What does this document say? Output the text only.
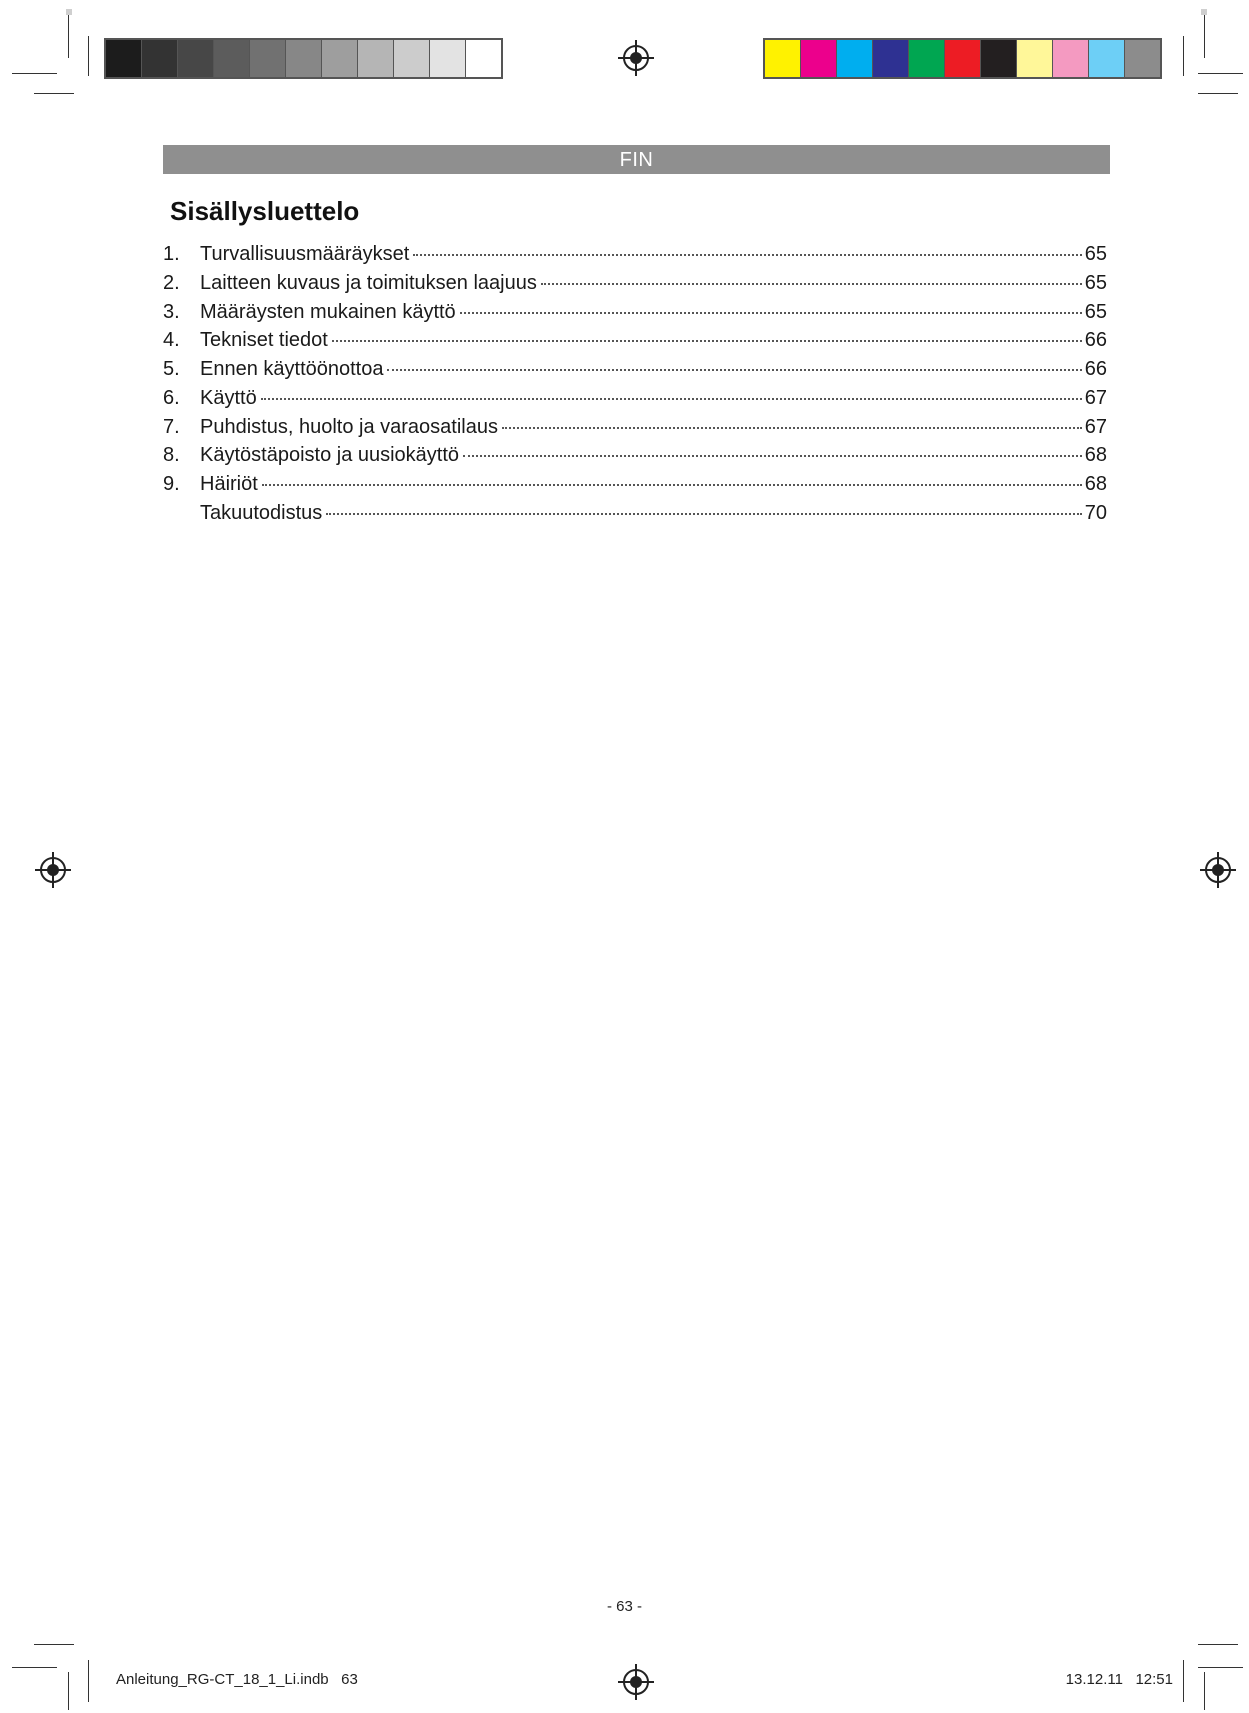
FIN
Sisällysluettelo
1.	Turvallisuusmääräykset	65
2.	Laitteen kuvaus ja toimituksen laajuus	65
3.	Määräysten mukainen käyttö	65
4.	Tekniset tiedot	66
5.	Ennen käyttöönottoa	66
6.	Käyttö	67
7.	Puhdistus, huolto ja varaosatilaus	67
8.	Käytöstäpoisto ja uusiokäyttö	68
9.	Häiriöt	68
Takuutodistus	70
- 63 -
Anleitung_RG-CT_18_1_Li.indb   63	13.12.11   12:51
